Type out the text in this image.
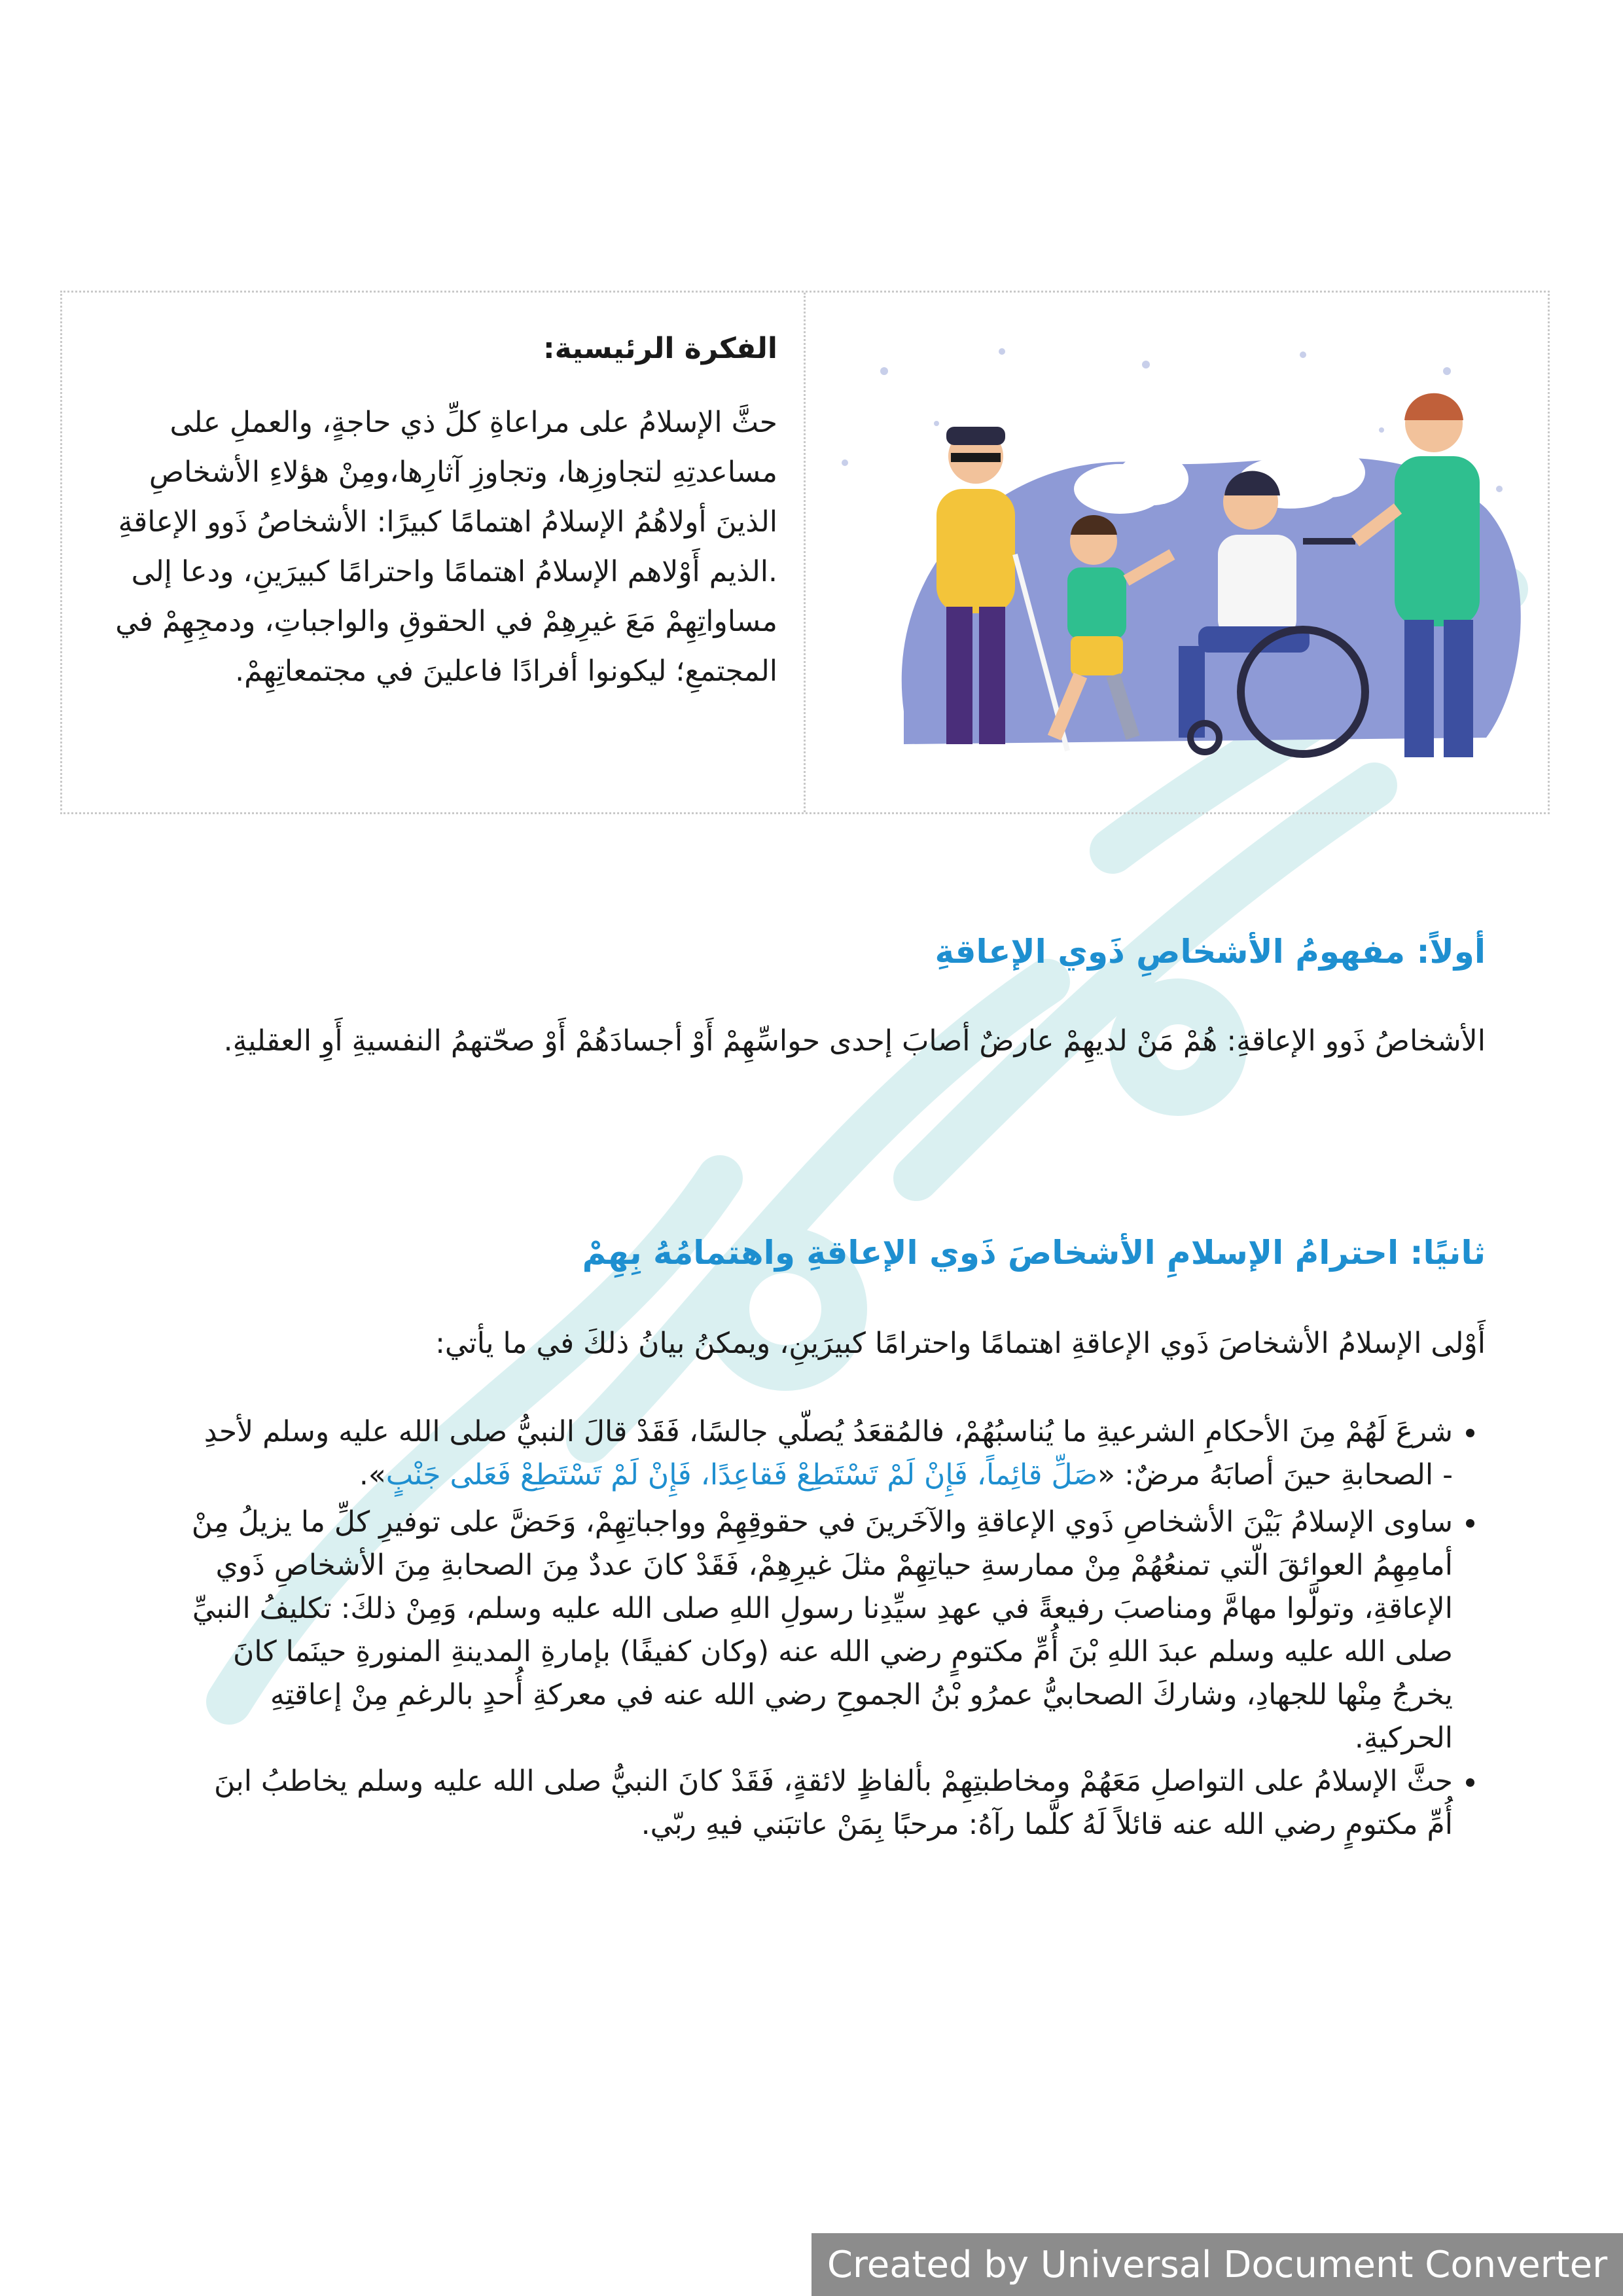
الفكرة الرئيسية:

حثَّ الإسلامُ على مراعاةِ كلِّ ذي حاجةٍ، والعملِ على مساعدتِهِ لتجاوزِها، وتجاوزِ آثارِها،ومِنْ هؤلاءِ الأشخاصِ الذينَ أولاهُمُ الإسلامُ اهتمامًا كبيرًا: الأشخاصُ ذَوو الإعاقةِ .الذيم أَوْلاهم الإسلامُ اهتمامًا واحترامًا كبيرَينِ، ودعا إلى مساواتِهِمْ مَعَ غيرِهِمْ في الحقوقِ والواجباتِ، ودمجِهِمْ في المجتمعِ؛ ليكونوا أفرادًا فاعلينَ في مجتمعاتِهِمْ.

أولاً: مفهومُ الأشخاصِ ذَوي الإعاقةِ

الأشخاصُ ذَوو الإعاقةِ: هُمْ مَنْ لديهِمْ عارضٌ أصابَ إحدى حواسِّهِمْ أَوْ أجسادَهُمْ أَوْ صحّتهمُ النفسيةِ أَوِ العقليةِ.

ثانيًا: احترامُ الإسلامِ الأشخاصَ ذَوي الإعاقةِ واهتمامُهُ بِهِمْ

أَوْلى الإسلامُ الأشخاصَ ذَوي الإعاقةِ اهتمامًا واحترامًا كبيرَينِ، ويمكنُ بيانُ ذلكَ في ما يأتي:

• شرعَ لَهُمْ مِنَ الأحكامِ الشرعيةِ ما يُناسبُهُمْ، فالمُقعَدُ يُصلّي جالسًا، فَقَدْ قالَ النبيُّ صلى الله عليه وسلم لأحدِ - الصحابةِ حينَ أصابَهُ مرضٌ: «صَلِّ قائِماً، فَإِنْ لَمْ تَسْتَطِعْ فَقاعِدًا، فَإِنْ لَمْ تَسْتَطِعْ فَعَلى جَنْبٍ».
• ساوى الإسلامُ بَيْنَ الأشخاصِ ذَوي الإعاقةِ والآخَرينَ في حقوقِهِمْ وواجباتِهِمْ، وَحَضَّ على توفيرِ كلِّ ما يزيلُ مِنْ أمامِهِمُ العوائقَ الّتي تمنعُهُمْ مِنْ ممارسةِ حياتِهِمْ مثلَ غيرِهِمْ، فَقَدْ كانَ عددٌ مِنَ الصحابةِ مِنَ الأشخاصِ ذَوي الإعاقةِ، وتولَّوا مهامَّ ومناصبَ رفيعةً في عهدِ سيِّدِنا رسولِ اللهِ صلى الله عليه وسلم، وَمِنْ ذلكَ: تكليفُ النبيِّ صلى الله عليه وسلم عبدَ اللهِ بْنَ أُمِّ مكتومٍ رضي الله عنه (وكان كفيفًا) بإمارةِ المدينةِ المنورةِ حينَما كانَ يخرجُ مِنْها للجهادِ، وشاركَ الصحابيُّ عمرُو بْنُ الجموحِ رضي الله عنه في معركةِ أُحدٍ بالرغمِ مِنْ إعاقتِهِ الحركيةِ.
• حثَّ الإسلامُ على التواصلِ مَعَهُمْ ومخاطبتِهِمْ بألفاظٍ لائقةٍ، فَقَدْ كانَ النبيُّ صلى الله عليه وسلم يخاطبُ ابنَ أُمِّ مكتومٍ رضي الله عنه قائلاً لَهُ كلَّما رآهُ: مرحبًا بِمَنْ عاتبَني فيهِ ربّي.
Created by Universal Document Converter
